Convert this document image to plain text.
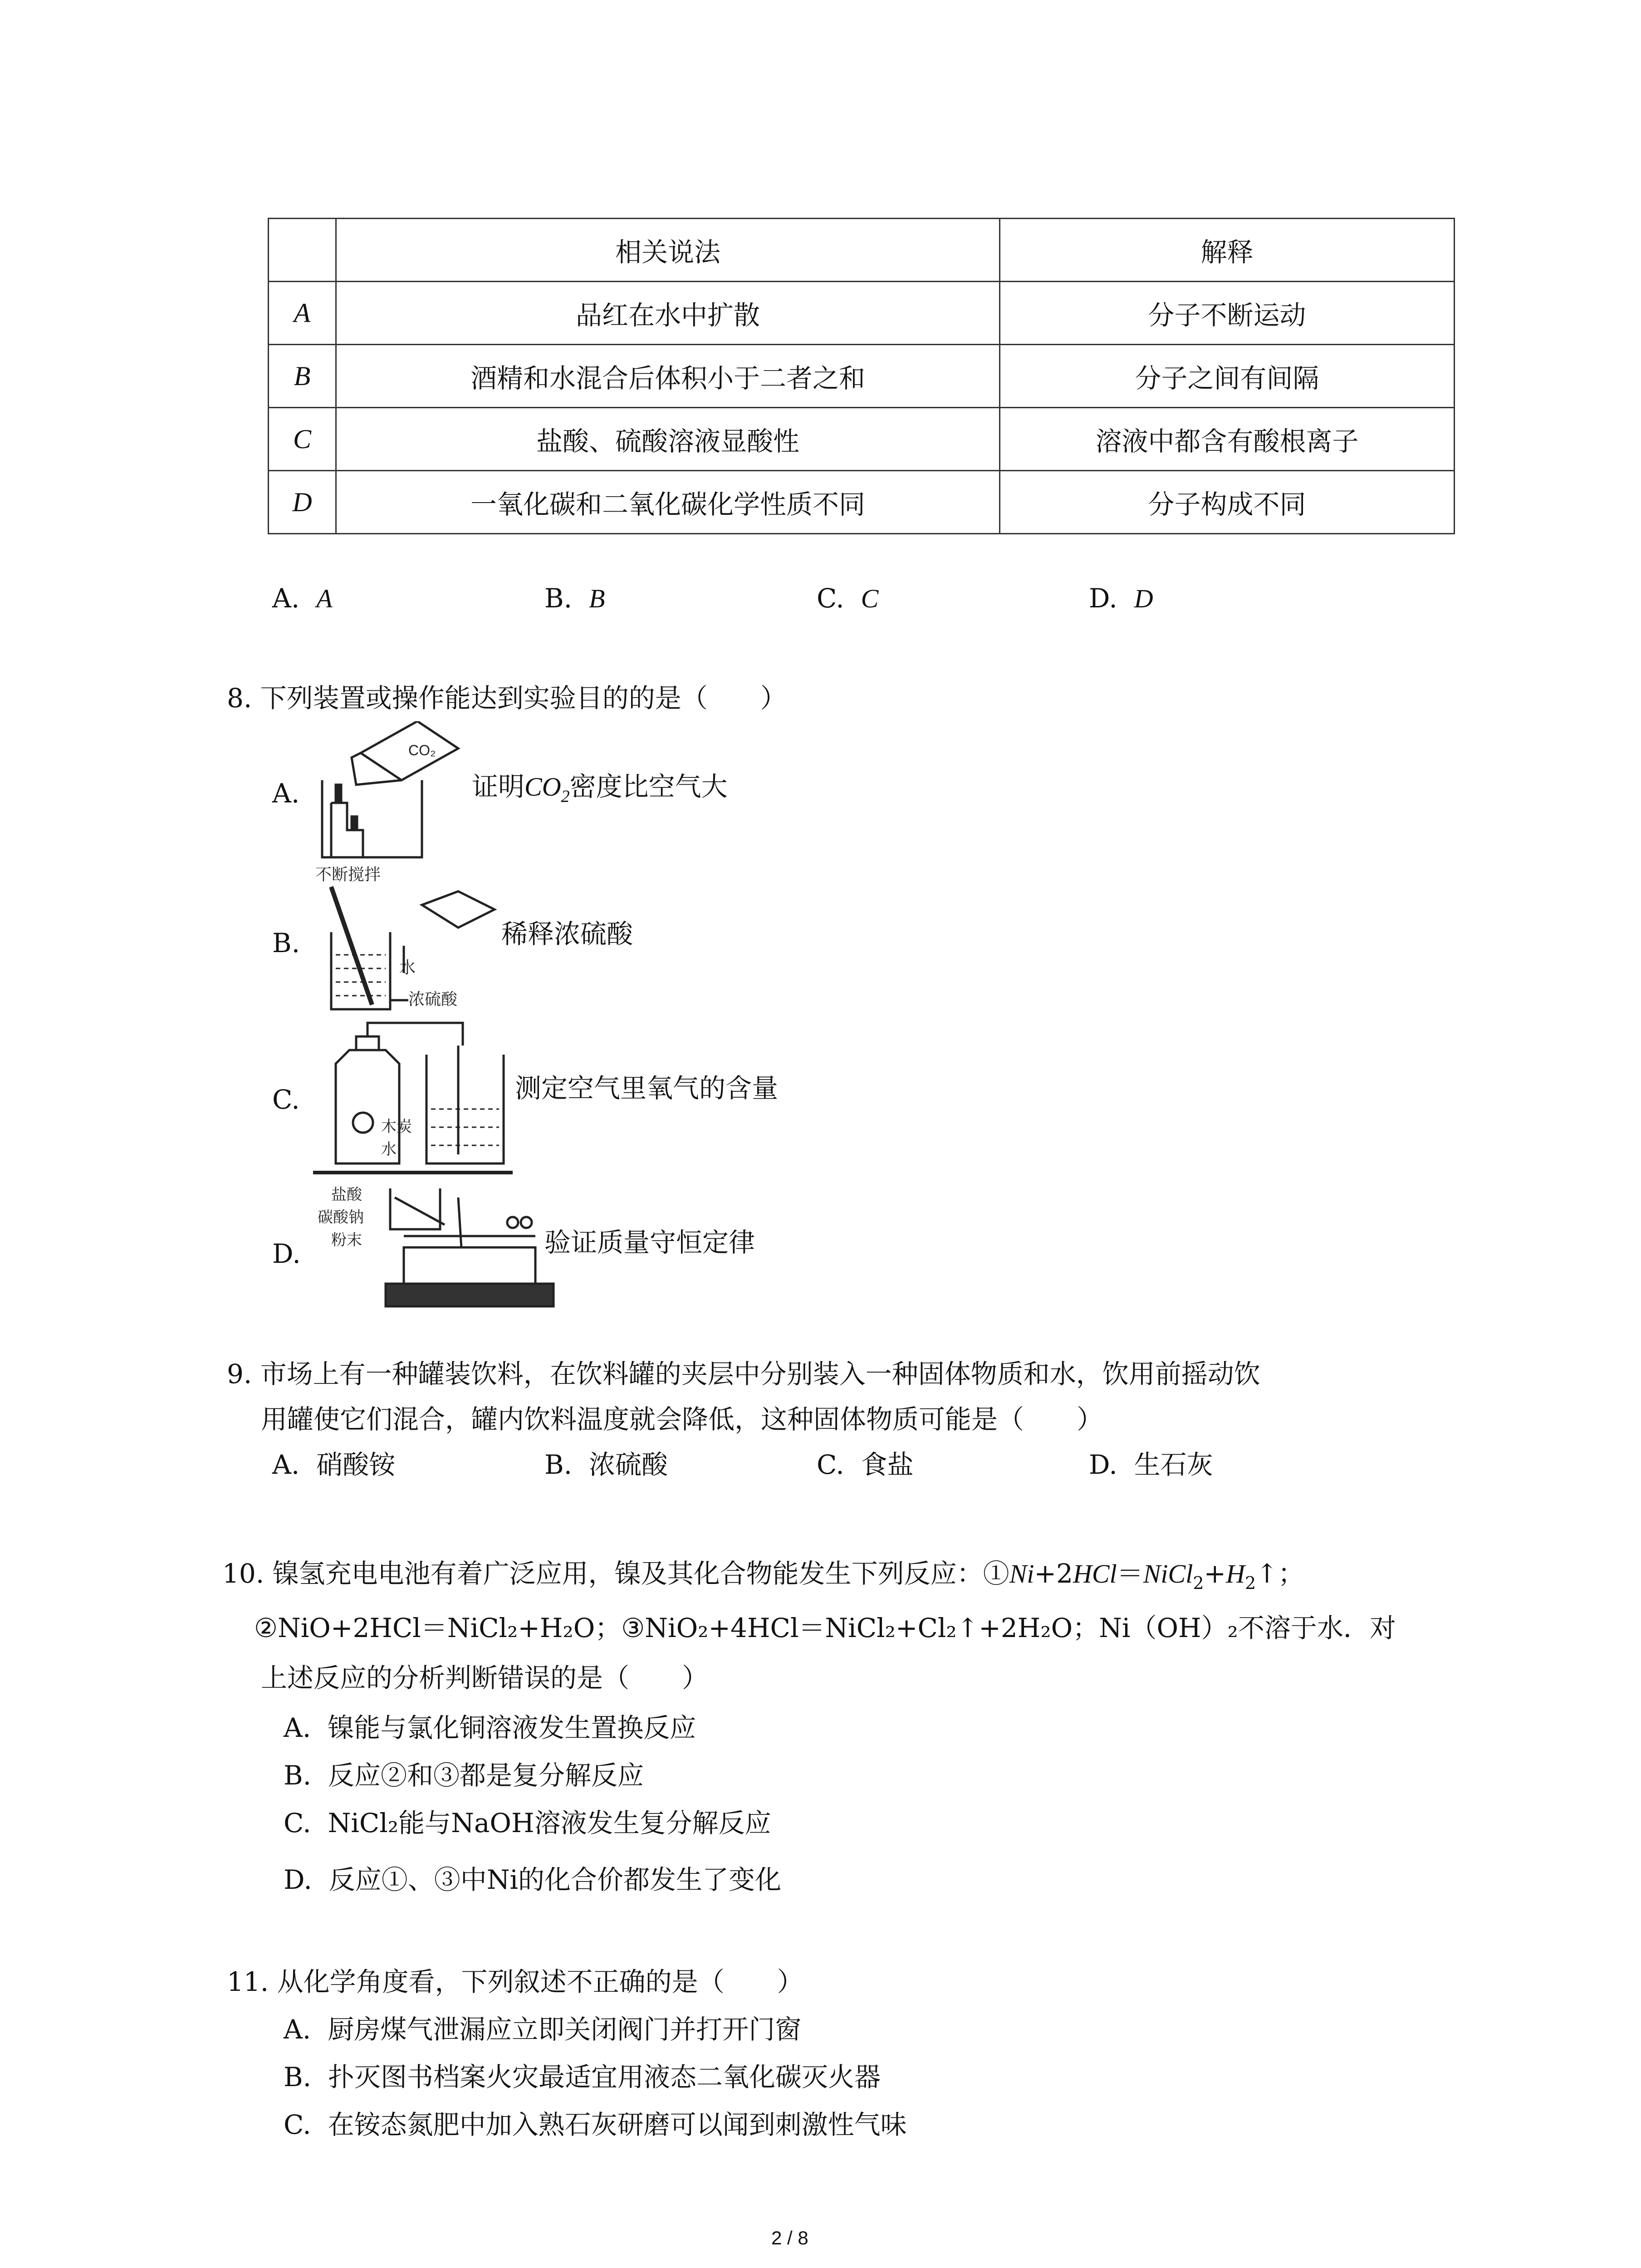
	相关说法	解释
A	品红在水中扩散	分子不断运动
B	酒精和水混合后体积小于二者之和	分子之间有间隔
C	盐酸、硫酸溶液显酸性	溶液中都含有酸根离子
D	一氧化碳和二氧化碳化学性质不同	分子构成不同
A. A	B. B	C. C	D. D
8. 下列装置或操作能达到实验目的的是（　　）
A.	证明$CO_2$密度比空气大
B.	稀释浓硫酸
C.	测定空气里氧气的含量
D.	验证质量守恒定律
CO₂
不断搅拌
水
浓硫酸
木炭
水
盐酸
碳酸钠
粉末
9. 市场上有一种罐装饮料，在饮料罐的夹层中分别装入一种固体物质和水，饮用前摇动饮
用罐使它们混合，罐内饮料温度就会降低，这种固体物质可能是（　　）
A. 硝酸铵	B. 浓硫酸	C. 食盐	D. 生石灰
10. 镍氢充电电池有着广泛应用，镍及其化合物能发生下列反应：$①Ni+2HCl=NiCl_2+H_2↑$；
②NiO+2HCl＝NiCl₂+H₂O；③NiO₂+4HCl＝NiCl₂+Cl₂↑+2H₂O；Ni（OH）₂不溶于水．对
上述反应的分析判断错误的是（　　）
A. 镍能与氯化铜溶液发生置换反应
B. 反应②和③都是复分解反应
C. NiCl₂能与NaOH溶液发生复分解反应
D. 反应①、③中Ni的化合价都发生了变化
11. 从化学角度看，下列叙述不正确的是（　　）
A. 厨房煤气泄漏应立即关闭阀门并打开门窗
B. 扑灭图书档案火灾最适宜用液态二氧化碳灭火器
C. 在铵态氮肥中加入熟石灰研磨可以闻到刺激性气味
2 / 8
